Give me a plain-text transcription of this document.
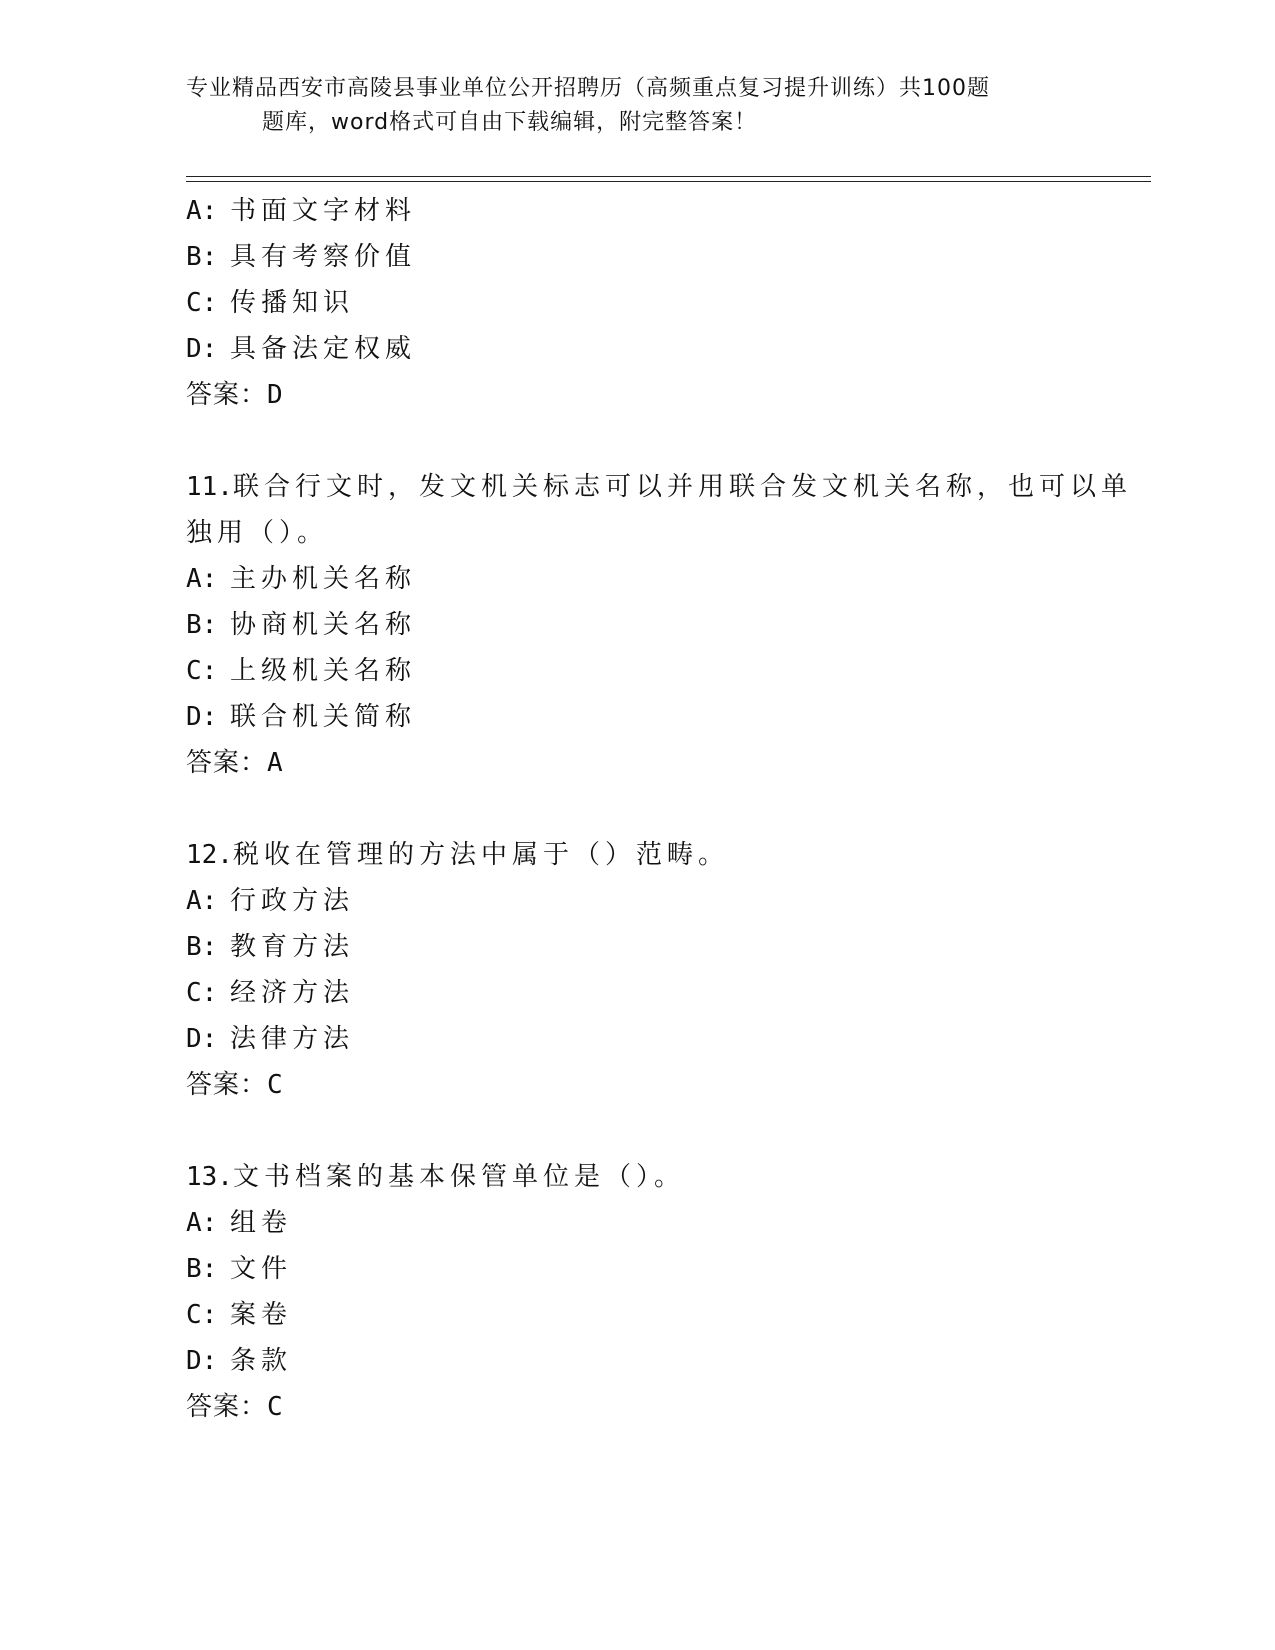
专业精品西安市高陵县事业单位公开招聘历（高频重点复习提升训练）共100题
题库，word格式可自由下载编辑，附完整答案！
A: 书面文字材料
B: 具有考察价值
C: 传播知识
D: 具备法定权威
答案：D
11.联合行文时，发文机关标志可以并用联合发文机关名称，也可以单
独用（）。
A: 主办机关名称
B: 协商机关名称
C: 上级机关名称
D: 联合机关简称
答案：A
12.税收在管理的方法中属于（）范畴。
A: 行政方法
B: 教育方法
C: 经济方法
D: 法律方法
答案：C
13.文书档案的基本保管单位是（）。
A: 组卷
B: 文件
C: 案卷
D: 条款
答案：C
